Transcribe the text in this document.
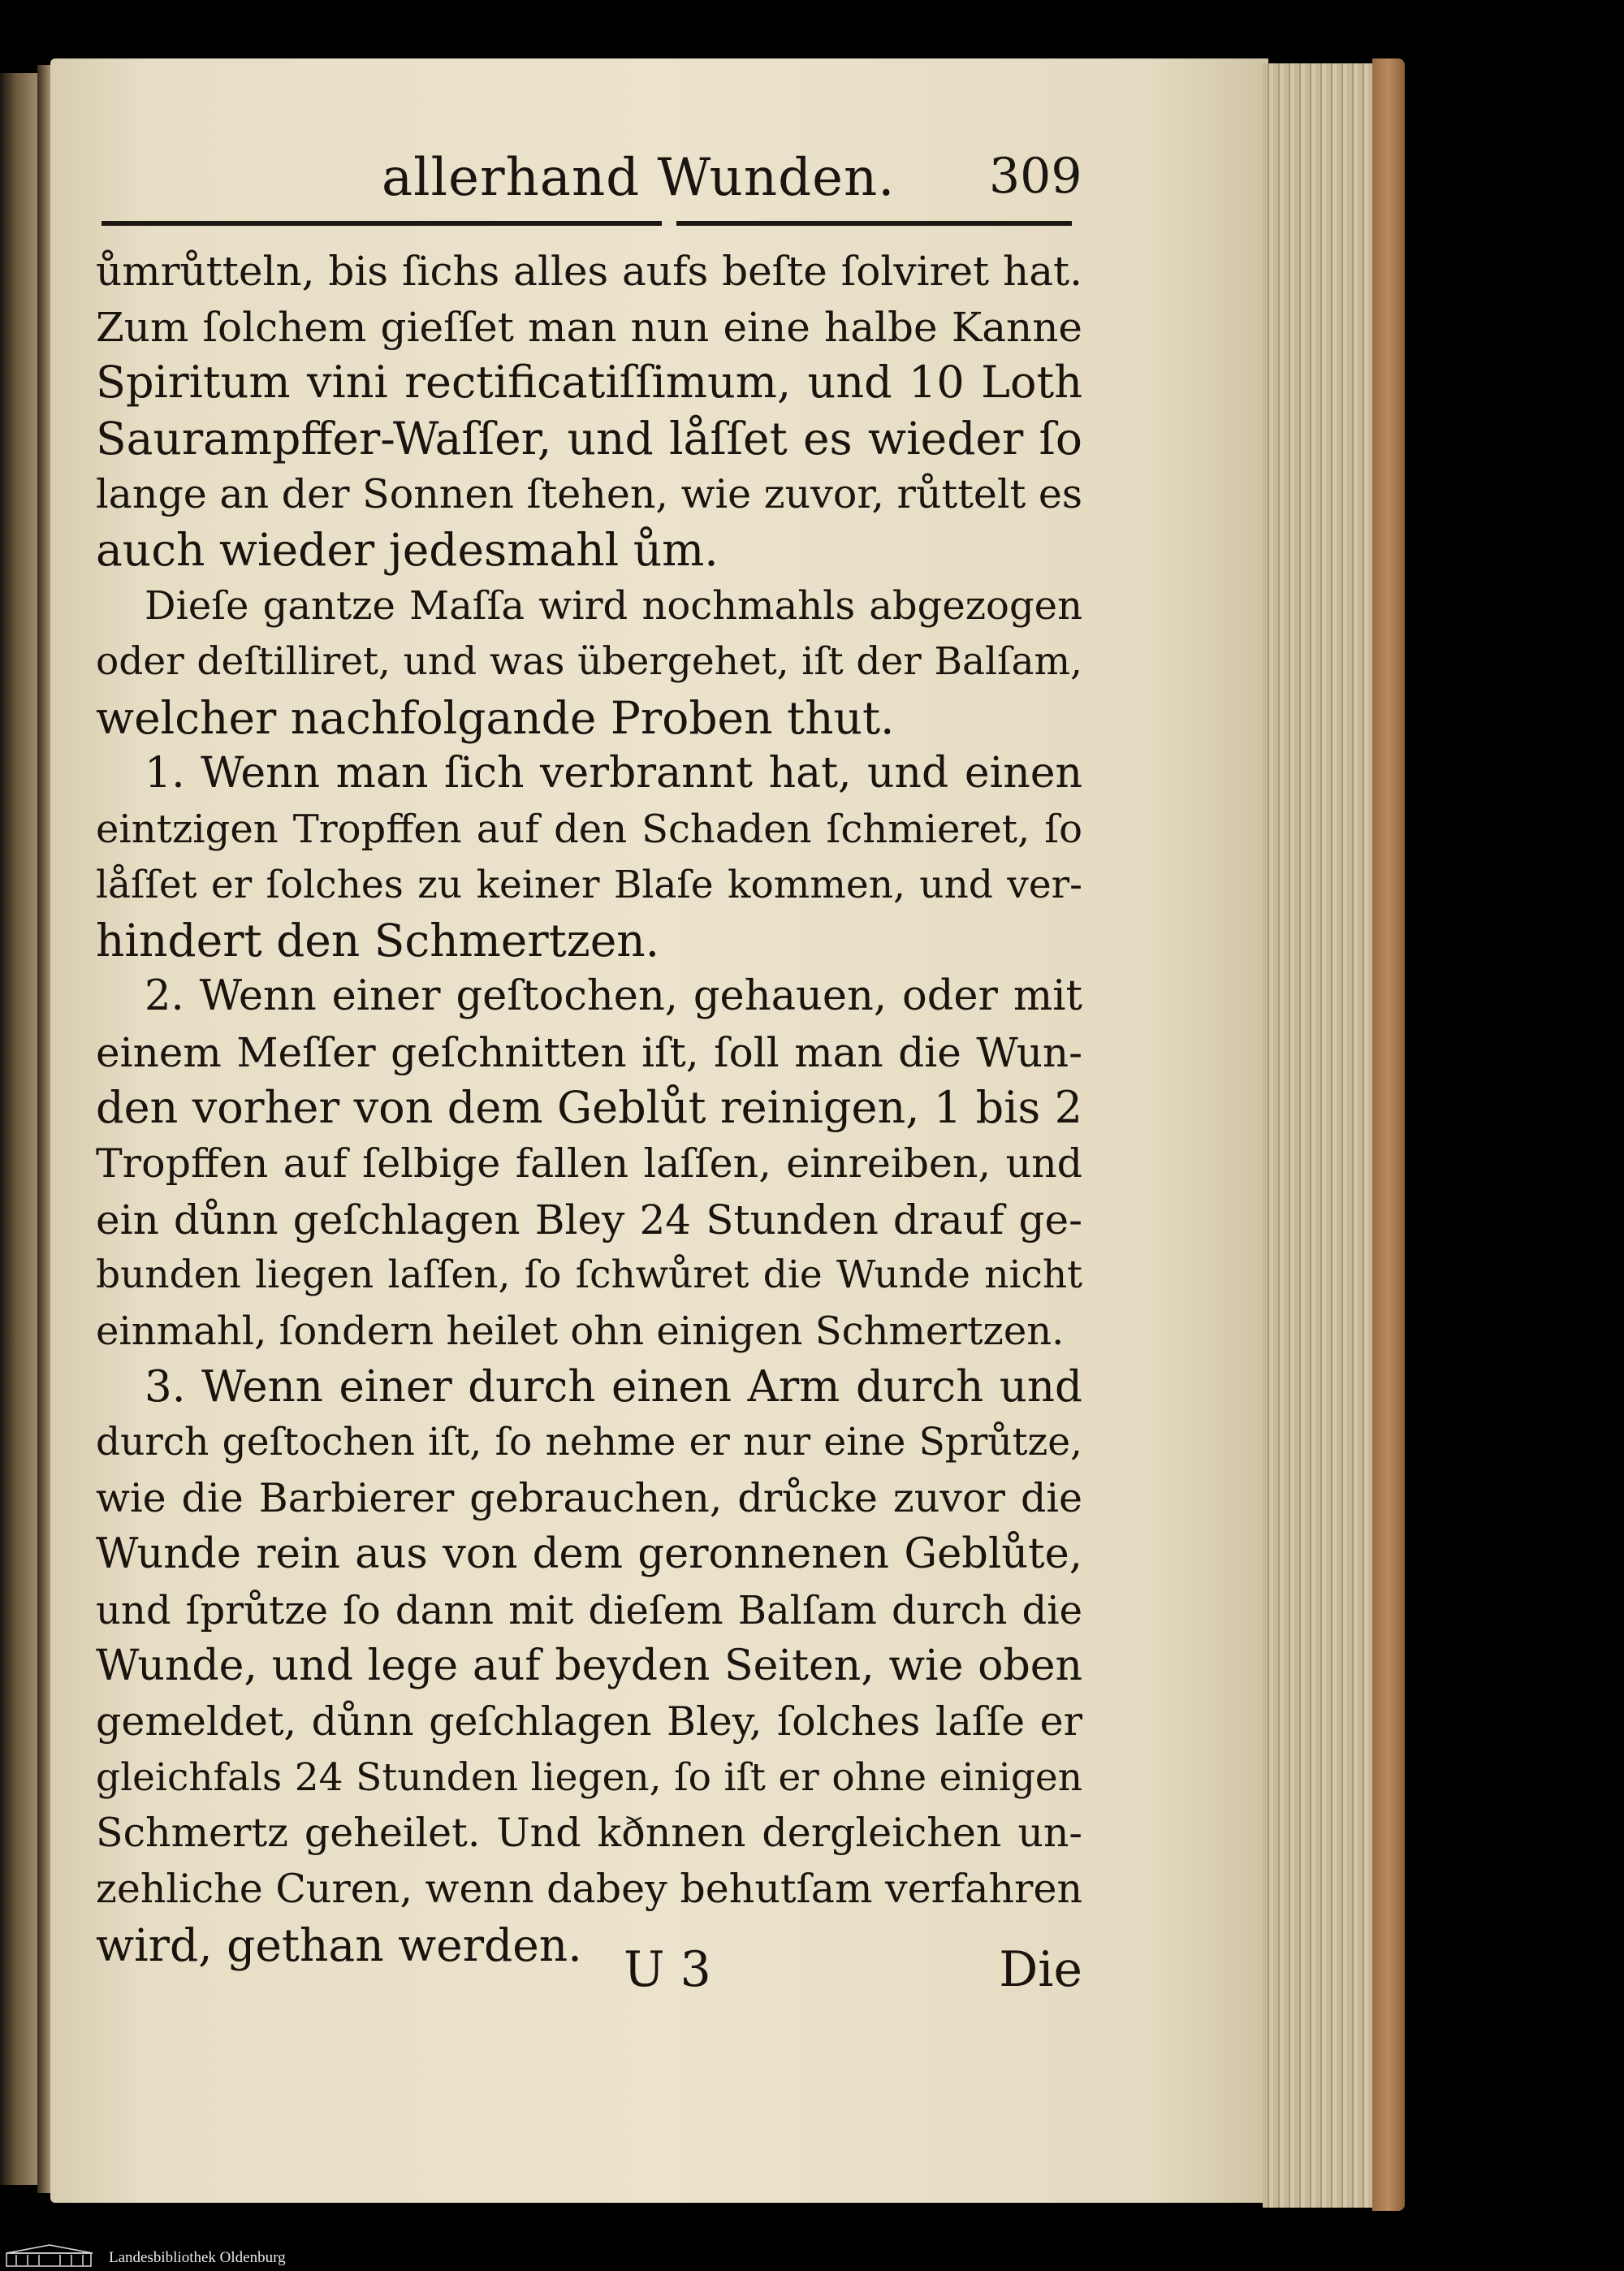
allerhand Wunden. 309
ůmrůtteln, bis ſichs alles aufs beſte ſolviret hat.
Zum ſolchem gieſſet man nun eine halbe Kanne
Spiritum vini rectificatiſſimum, und 10 Loth
Saurampffer-Waſſer, und låſſet es wieder ſo
lange an der Sonnen ſtehen, wie zuvor, růttelt es
auch wieder jedesmahl ům.
Dieſe gantze Maſſa wird nochmahls abgezogen
oder deſtilliret, und was übergehet, iſt der Balſam,
welcher nachfolgande Proben thut.
1. Wenn man ſich verbrannt hat, und einen
eintzigen Tropffen auf den Schaden ſchmieret, ſo
låſſet er ſolches zu keiner Blaſe kommen, und ver-
hindert den Schmertzen.
2. Wenn einer geſtochen, gehauen, oder mit
einem Meſſer geſchnitten iſt, ſoll man die Wun-
den vorher von dem Geblůt reinigen, 1 bis 2
Tropffen auf ſelbige fallen laſſen, einreiben, und
ein důnn geſchlagen Bley 24 Stunden drauf ge-
bunden liegen laſſen, ſo ſchwůret die Wunde nicht
einmahl, ſondern heilet ohn einigen Schmertzen.
3. Wenn einer durch einen Arm durch und
durch geſtochen iſt, ſo nehme er nur eine Sprůtze,
wie die Barbierer gebrauchen, drůcke zuvor die
Wunde rein aus von dem geronnenen Geblůte,
und ſprůtze ſo dann mit dieſem Balſam durch die
Wunde, und lege auf beyden Seiten, wie oben
gemeldet, důnn geſchlagen Bley, ſolches laſſe er
gleichfals 24 Stunden liegen, ſo iſt er ohne einigen
Schmertz geheilet. Und kðnnen dergleichen un-
zehliche Curen, wenn dabey behutſam verfahren
wird, gethan werden. U 3	Die
Landesbibliothek Oldenburg
